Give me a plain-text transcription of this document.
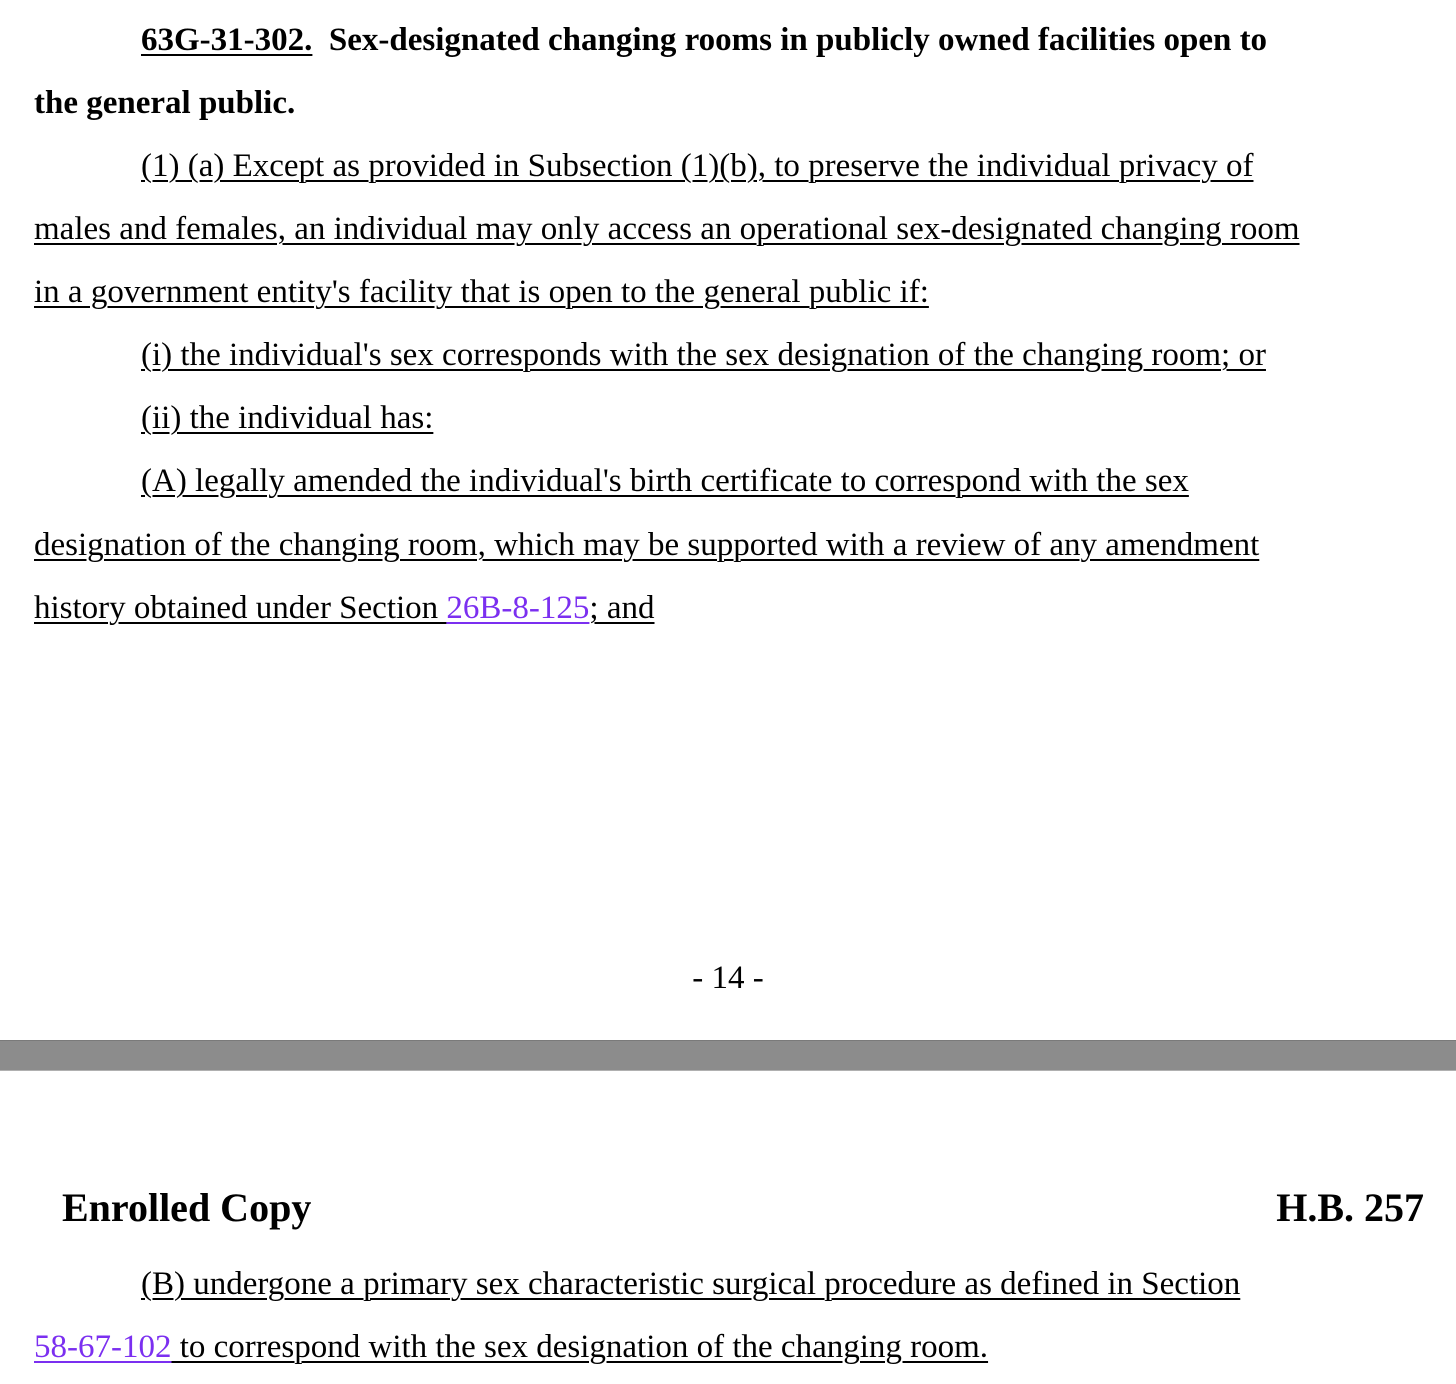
63G-31-302. Sex-designated changing rooms in publicly owned facilities open to
the general public.
(1) (a) Except as provided in Subsection (1)(b), to preserve the individual privacy of
males and females, an individual may only access an operational sex-designated changing room
in a government entity's facility that is open to the general public if:
(i) the individual's sex corresponds with the sex designation of the changing room; or
(ii) the individual has:
(A) legally amended the individual's birth certificate to correspond with the sex
designation of the changing room, which may be supported with a review of any amendment
history obtained under Section 26B-8-125; and
- 14 -
Enrolled Copy	H.B. 257
(B) undergone a primary sex characteristic surgical procedure as defined in Section
58-67-102 to correspond with the sex designation of the changing room.
